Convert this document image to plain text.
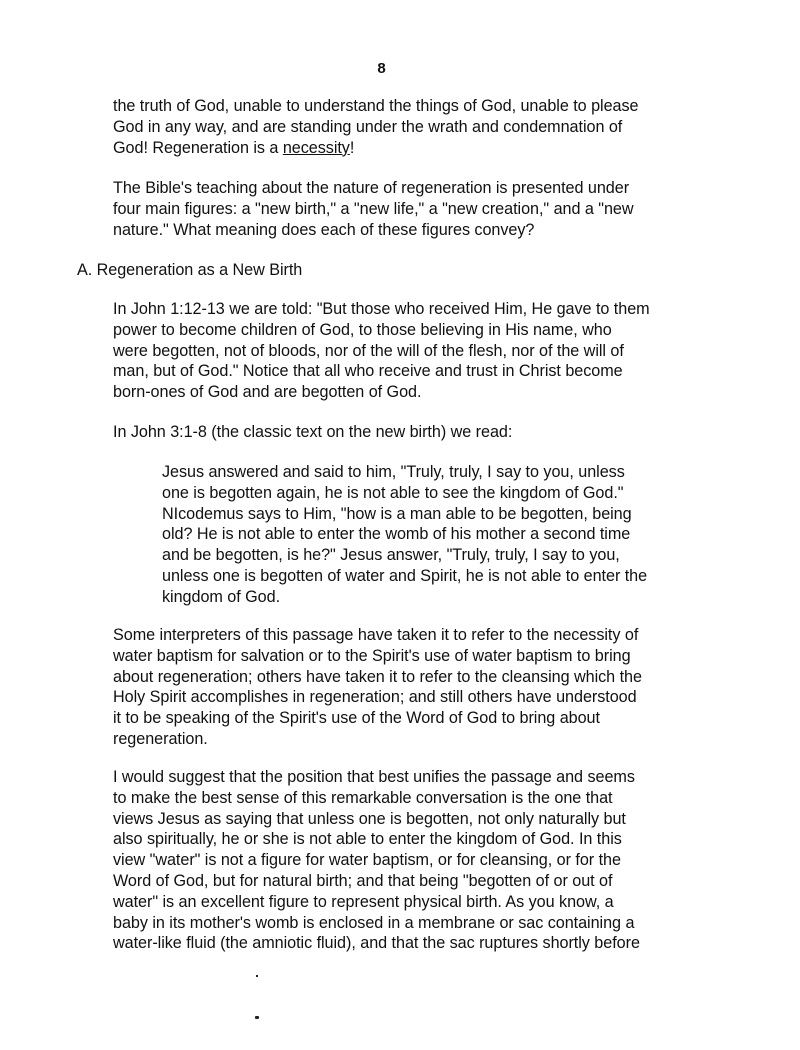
8
the truth of God, unable to understand the things of God, unable to please
God in any way, and are standing under the wrath and condemnation of
God! Regeneration is a necessity!
The Bible's teaching about the nature of regeneration is presented under
four main figures: a "new birth," a "new life," a "new creation," and a "new
nature." What meaning does each of these figures convey?
A. Regeneration as a New Birth
In John 1:12-13 we are told: "But those who received Him, He gave to them
power to become children of God, to those believing in His name, who
were begotten, not of bloods, nor of the will of the flesh, nor of the will of
man, but of God." Notice that all who receive and trust in Christ become
born-ones of God and are begotten of God.
In John 3:1-8 (the classic text on the new birth) we read:
Jesus answered and said to him, "Truly, truly, I say to you, unless
one is begotten again, he is not able to see the kingdom of God."
NIcodemus says to Him, "how is a man able to be begotten, being
old? He is not able to enter the womb of his mother a second time
and be begotten, is he?" Jesus answer, "Truly, truly, I say to you,
unless one is begotten of water and Spirit, he is not able to enter the
kingdom of God.
Some interpreters of this passage have taken it to refer to the necessity of
water baptism for salvation or to the Spirit's use of water baptism to bring
about regeneration; others have taken it to refer to the cleansing which the
Holy Spirit accomplishes in regeneration; and still others have understood
it to be speaking of the Spirit's use of the Word of God to bring about
regeneration.
I would suggest that the position that best unifies the passage and seems
to make the best sense of this remarkable conversation is the one that
views Jesus as saying that unless one is begotten, not only naturally but
also spiritually, he or she is not able to enter the kingdom of God. In this
view "water" is not a figure for water baptism, or for cleansing, or for the
Word of God, but for natural birth; and that being "begotten of or out of
water" is an excellent figure to represent physical birth. As you know, a
baby in its mother's womb is enclosed in a membrane or sac containing a
water-like fluid (the amniotic fluid), and that the sac ruptures shortly before
